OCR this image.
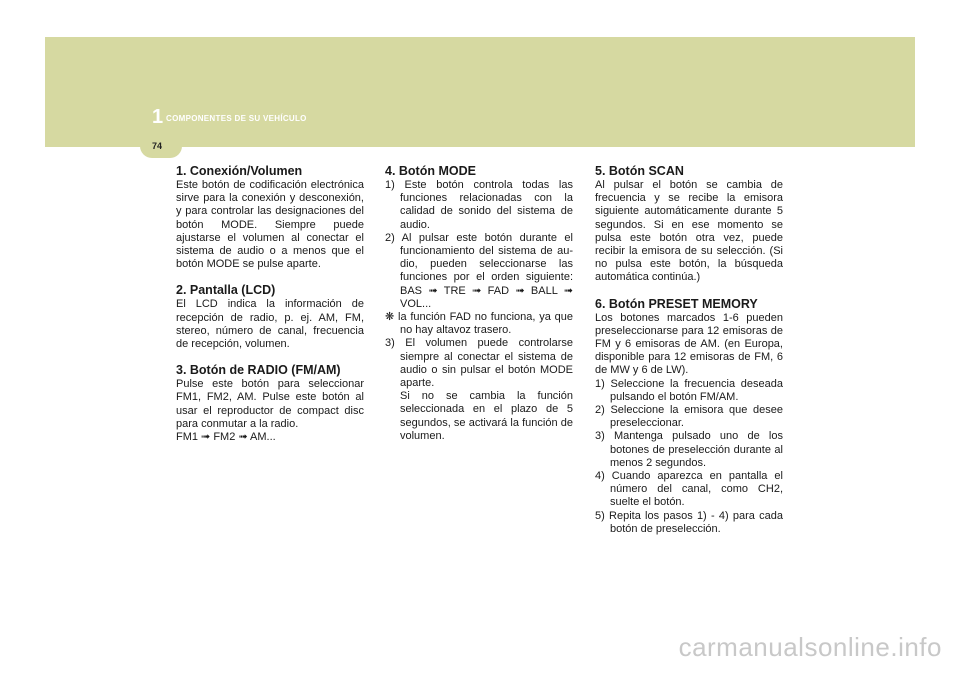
1 COMPONENTES DE SU VEHÍCULO
74
1. Conexión/Volumen

Este botón de codificación electrónica sirve para la conexión y desconexión, y para controlar las designaciones del botón MODE. Siempre puede ajustarse el volumen al conectar el sistema de audio o a menos que el botón MODE se pulse aparte.

2. Pantalla (LCD)

El LCD indica la información de recepción de radio, p. ej. AM, FM, stereo, número de canal, frecuencia de recepción, volumen.

3. Botón de RADIO (FM/AM)

Pulse este botón para seleccionar FM1, FM2, AM. Pulse este botón al usar el reproductor de compact disc para conmutar a la radio.

FM1 ➟ FM2 ➟ AM...

4. Botón MODE

1) Este botón controla todas las funciones relacionadas con la calidad de sonido del sistema de audio.

2) Al pulsar este botón durante el funcionamiento del sistema de au- dio, pueden seleccionarse las funciones por el orden siguiente: BAS ➟ TRE ➟ FAD ➟ BALL ➟ VOL...

❋ la función FAD no funciona, ya que no hay altavoz trasero.

3) El volumen puede controlarse siempre al conectar el sistema de audio o sin pulsar el botón MODE aparte.

Si no se cambia la función seleccionada en el plazo de 5 segundos, se activará la función de volumen.

5. Botón SCAN

Al pulsar el botón se cambia de frecuencia y se recibe la emisora siguiente automáticamente durante 5 segundos. Si en ese momento se pulsa este botón otra vez, puede recibir la emisora de su selección. (Si no pulsa este botón, la búsqueda automática continúa.)

6. Botón PRESET MEMORY

Los botones marcados 1-6 pueden preseleccionarse para 12 emisoras de FM y 6 emisoras de AM. (en Europa, disponible para 12 emisoras de FM, 6 de MW y 6 de LW).

1) Seleccione la frecuencia deseada pulsando el botón FM/AM.

2) Seleccione la emisora que desee preseleccionar.

3) Mantenga pulsado uno de los botones de preselección durante al menos 2 segundos.

4) Cuando aparezca en pantalla el número del canal, como CH2, suelte el botón.

5) Repita los pasos 1) - 4) para cada botón de preselección.

carmanualsonline.info
